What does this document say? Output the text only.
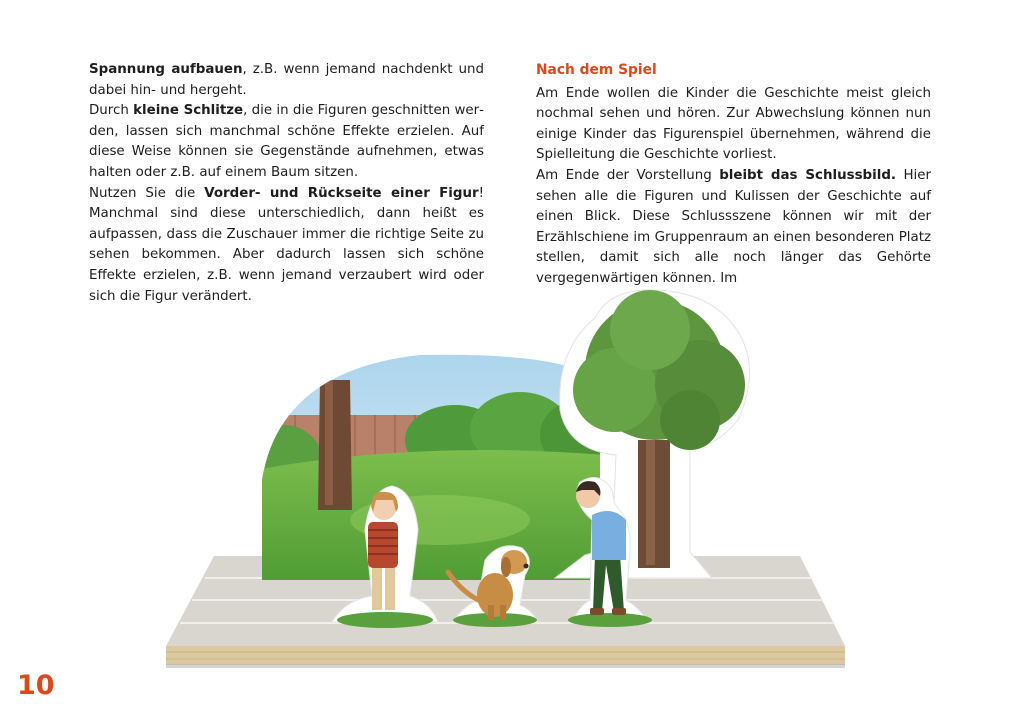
Spannung aufbauen, z.B. wenn jemand nachdenkt und dabei hin- und hergeht.

Durch kleine Schlitze, die in die Figuren geschnitten werden, lassen sich manchmal schöne Effekte erzielen. Auf diese Weise können sie Gegenstände aufnehmen, etwas halten oder z.B. auf einem Baum sitzen.

Nutzen Sie die Vorder- und Rückseite einer Figur! Manchmal sind diese unterschiedlich, dann heißt es aufpassen, dass die Zuschauer immer die richtige Seite zu sehen bekommen. Aber dadurch lassen sich schöne Effekte erzielen, z.B. wenn jemand verzaubert wird oder sich die Figur verändert.

Nach dem Spiel

Am Ende wollen die Kinder die Geschichte meist gleich nochmal sehen und hören. Zur Abwechslung können nun einige Kinder das Figurenspiel übernehmen, während die Spielleitung die Geschichte vorliest.

Am Ende der Vorstellung bleibt das Schlussbild. Hier sehen alle die Figuren und Kulissen der Geschichte auf einen Blick. Diese Schlussszene können wir mit der Erzählschiene im Gruppenraum an einen besonderen Platz stellen, damit sich alle noch länger das Gehörte vergegenwärtigen können. Im

10
